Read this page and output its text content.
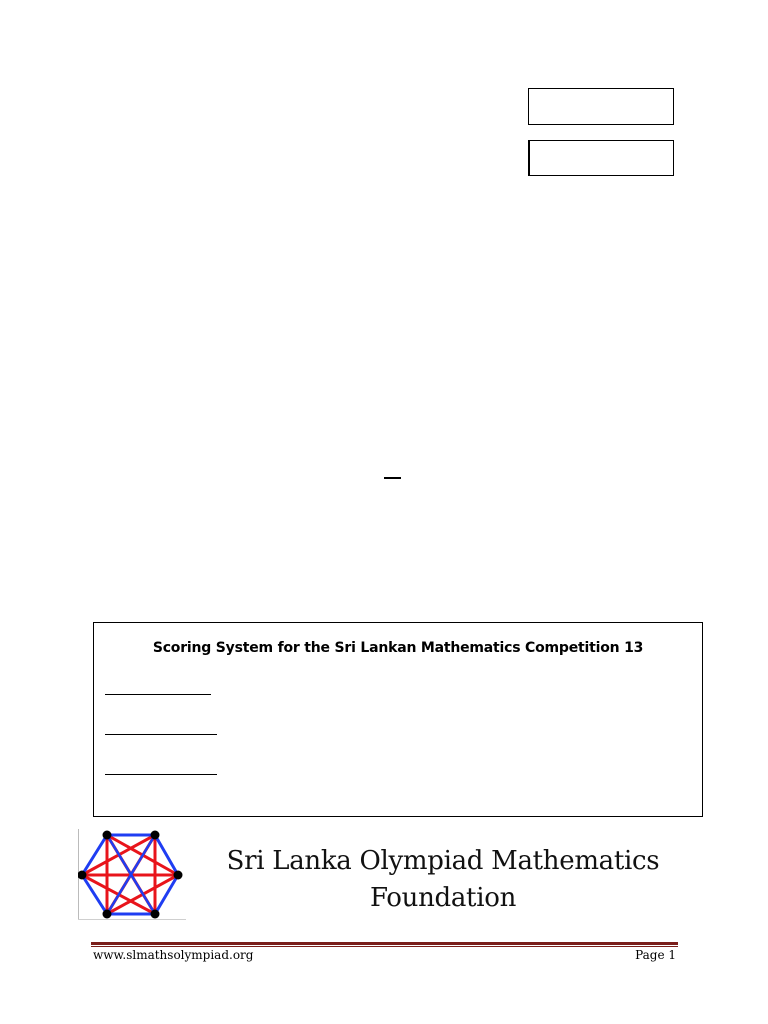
Scoring System for the Sri Lankan Mathematics Competition 13
Sri Lanka Olympiad Mathematics
Foundation
www.slmathsolympiad.org	Page 1
